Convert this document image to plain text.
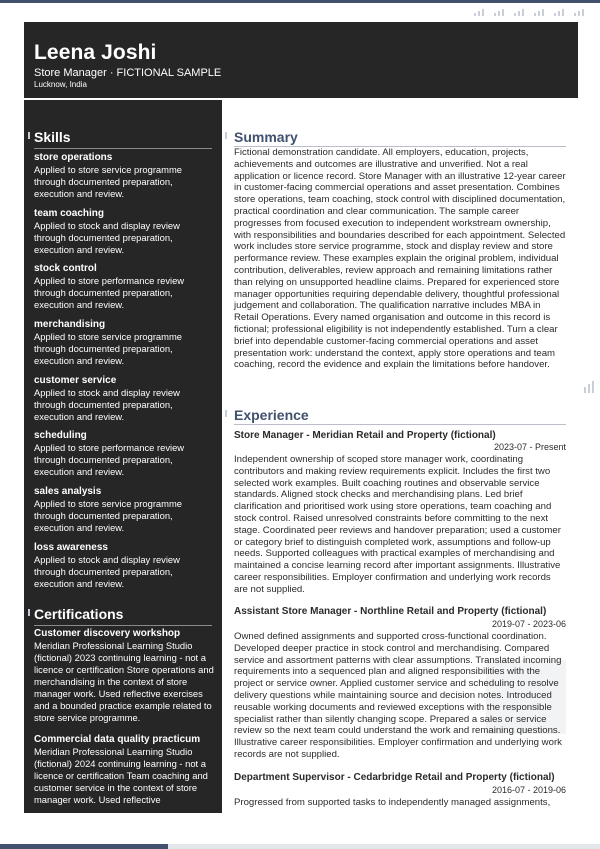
Leena Joshi
Store Manager · FICTIONAL SAMPLE
Lucknow, India
Skills
store operations
Applied to store service programme through documented preparation, execution and review.
team coaching
Applied to stock and display review through documented preparation, execution and review.
stock control
Applied to store performance review through documented preparation, execution and review.
merchandising
Applied to store service programme through documented preparation, execution and review.
customer service
Applied to stock and display review through documented preparation, execution and review.
scheduling
Applied to store performance review through documented preparation, execution and review.
sales analysis
Applied to store service programme through documented preparation, execution and review.
loss awareness
Applied to stock and display review through documented preparation, execution and review.
Certifications
Customer discovery workshop
Meridian Professional Learning Studio (fictional) 2023 continuing learning - not a licence or certification Store operations and merchandising in the context of store manager work. Used reflective exercises and a bounded practice example related to store service programme.
Commercial data quality practicum
Meridian Professional Learning Studio (fictional) 2024 continuing learning - not a licence or certification Team coaching and customer service in the context of store manager work. Used reflective
Summary
Fictional demonstration candidate. All employers, education, projects, achievements and outcomes are illustrative and unverified. Not a real application or licence record. Store Manager with an illustrative 12-year career in customer-facing commercial operations and asset presentation. Combines store operations, team coaching, stock control with disciplined documentation, practical coordination and clear communication. The sample career progresses from focused execution to independent workstream ownership, with responsibilities and boundaries described for each appointment. Selected work includes store service programme, stock and display review and store performance review. These examples explain the original problem, individual contribution, deliverables, review approach and remaining limitations rather than relying on unsupported headline claims. Prepared for experienced store manager opportunities requiring dependable delivery, thoughtful professional judgement and collaboration. The qualification narrative includes MBA in Retail Operations. Every named organisation and outcome in this record is fictional; professional eligibility is not independently established. Turn a clear brief into dependable customer-facing commercial operations and asset presentation work: understand the context, apply store operations and team coaching, record the evidence and explain the limitations before handover.
Experience
Store Manager - Meridian Retail and Property (fictional)
2023-07 - Present
Independent ownership of scoped store manager work, coordinating contributors and making review requirements explicit. Includes the first two selected work examples. Built coaching routines and observable service standards. Aligned stock checks and merchandising plans. Led brief clarification and prioritised work using store operations, team coaching and stock control. Raised unresolved constraints before committing to the next stage. Coordinated peer reviews and handover preparation; used a customer or category brief to distinguish completed work, assumptions and follow-up needs. Supported colleagues with practical examples of merchandising and maintained a concise learning record after important assignments. Illustrative career responsibilities. Employer confirmation and underlying work records are not supplied.
Assistant Store Manager - Northline Retail and Property (fictional)
2019-07 - 2023-06
Owned defined assignments and supported cross-functional coordination. Developed deeper practice in stock control and merchandising. Compared service and assortment patterns with clear assumptions. Translated incoming requirements into a sequenced plan and aligned responsibilities with the project or service owner. Applied customer service and scheduling to resolve delivery questions while maintaining source and decision notes. Introduced reusable working documents and reviewed exceptions with the responsible specialist rather than silently changing scope. Prepared a sales or service review so the next team could understand the work and remaining questions. Illustrative career responsibilities. Employer confirmation and underlying work records are not supplied.
Department Supervisor - Cedarbridge Retail and Property (fictional)
2016-07 - 2019-06
Progressed from supported tasks to independently managed assignments,
